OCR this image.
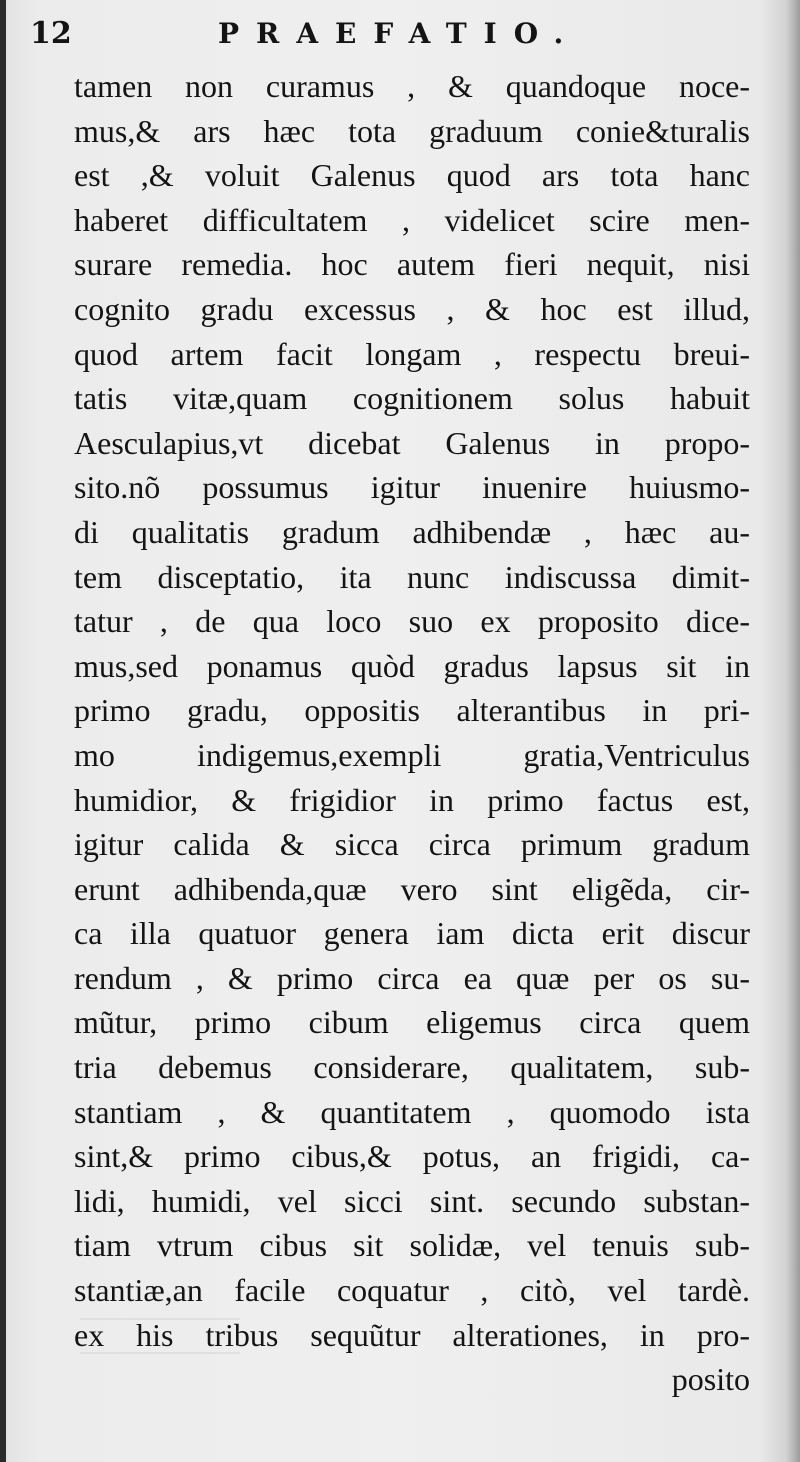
12	PRAEFATIO.
tamen non curamus , & quandoque noce-
mus,& ars hæc tota graduum conie&turalis
est ,& voluit Galenus quod ars tota hanc
haberet difficultatem , videlicet scire men-
surare remedia. hoc autem fieri nequit, nisi
cognito gradu excessus , & hoc est illud,
quod artem facit longam , respectu breui-
tatis vitæ,quam cognitionem solus habuit
Aesculapius,vt dicebat Galenus in propo-
sito.nõ possumus igitur inuenire huiusmo-
di qualitatis gradum adhibendæ , hæc au-
tem disceptatio, ita nunc indiscussa dimit-
tatur , de qua loco suo ex proposito dice-
mus,sed ponamus quòd gradus lapsus sit in
primo gradu, oppositis alterantibus in pri-
mo indigemus,exempli gratia,Ventriculus
humidior, & frigidior in primo factus est,
igitur calida & sicca circa primum gradum
erunt adhibenda,quæ vero sint eligẽda, cir-
ca illa quatuor genera iam dicta erit discur
rendum , & primo circa ea quæ per os su-
mũtur, primo cibum eligemus circa quem
tria debemus considerare, qualitatem, sub-
stantiam , & quantitatem , quomodo ista
sint,& primo cibus,& potus, an frigidi, ca-
lidi, humidi, vel sicci sint. secundo substan-
tiam vtrum cibus sit solidæ, vel tenuis sub-
stantiæ,an facile coquatur , citò, vel tardè.
ex his tribus sequũtur alterationes, in pro-
posito
